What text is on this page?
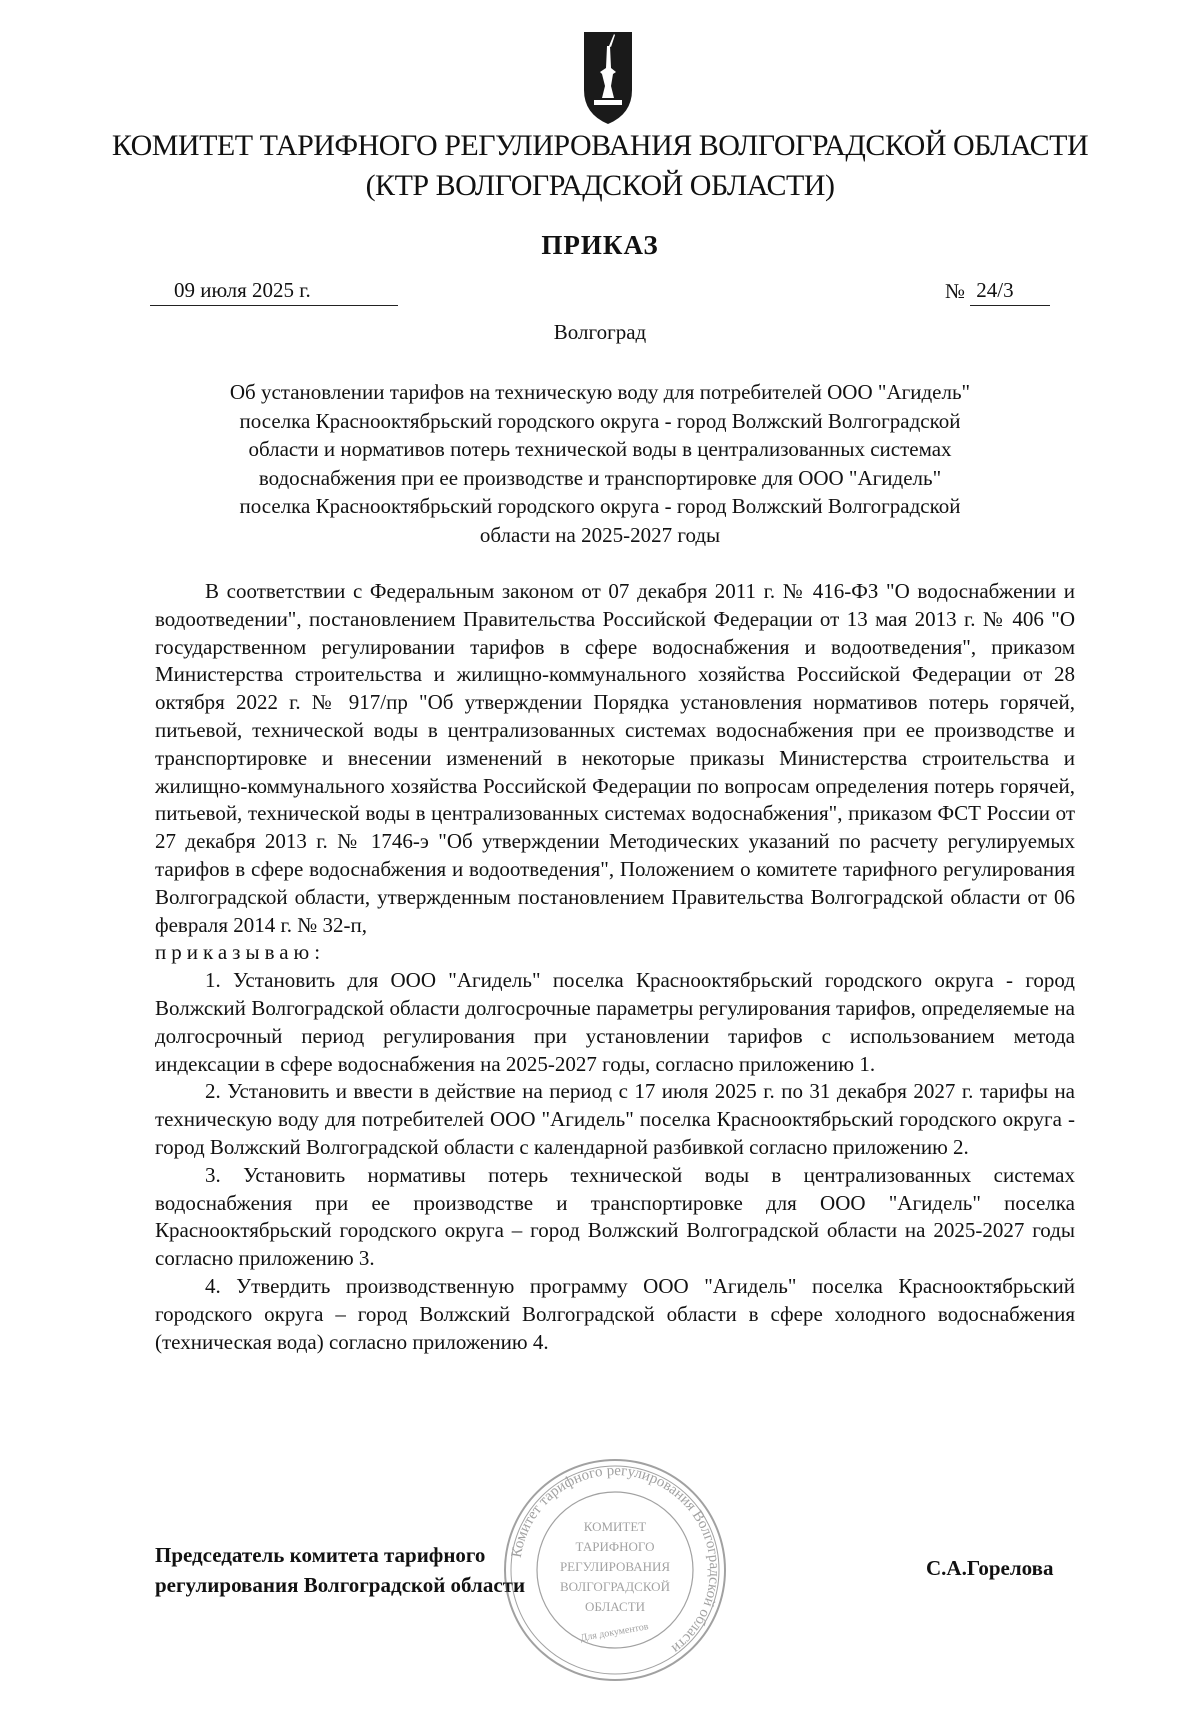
КОМИТЕТ ТАРИФНОГО РЕГУЛИРОВАНИЯ ВОЛГОГРАДСКОЙ ОБЛАСТИ
(КТР ВОЛГОГРАДСКОЙ ОБЛАСТИ)
ПРИКАЗ
09 июля 2025 г.	№ 24/3
Волгоград
Об установлении тарифов на техническую воду для потребителей ООО "Агидель"
поселка Краснооктябрьский городского округа - город Волжский Волгоградской
области и нормативов потерь технической воды в централизованных системах
водоснабжения при ее производстве и транспортировке для ООО "Агидель"
поселка Краснооктябрьский городского округа - город Волжский Волгоградской
области на 2025-2027 годы

В соответствии с Федеральным законом от 07 декабря 2011 г. № 416-ФЗ "О водоснабжении и водоотведении", постановлением Правительства Российской Федерации от 13 мая 2013 г. № 406 "О государственном регулировании тарифов в сфере водоснабжения и водоотведения", приказом Министерства строительства и жилищно-коммунального хозяйства Российской Федерации от 28 октября 2022 г. № 917/пр "Об утверждении Порядка установления нормативов потерь горячей, питьевой, технической воды в централизованных системах водоснабжения при ее производстве и транспортировке и внесении изменений в некоторые приказы Министерства строительства и жилищно-коммунального хозяйства Российской Федерации по вопросам определения потерь горячей, питьевой, технической воды в централизованных системах водоснабжения", приказом ФСТ России от 27 декабря 2013 г. № 1746-э "Об утверждении Методических указаний по расчету регулируемых тарифов в сфере водоснабжения и водоотведения", Положением о комитете тарифного регулирования Волгоградской области, утвержденным постановлением Правительства Волгоградской области от 06 февраля 2014 г. № 32-п,

приказываю:

1. Установить для ООО "Агидель" поселка Краснооктябрьский городского округа - город Волжский Волгоградской области долгосрочные параметры регулирования тарифов, определяемые на долгосрочный период регулирования при установлении тарифов с использованием метода индексации в сфере водоснабжения на 2025-2027 годы, согласно приложению 1.

2. Установить и ввести в действие на период с 17 июля 2025 г. по 31 декабря 2027 г. тарифы на техническую воду для потребителей ООО "Агидель" поселка Краснооктябрьский городского округа - город Волжский Волгоградской области с календарной разбивкой согласно приложению 2.

3. Установить нормативы потерь технической воды в централизованных системах водоснабжения при ее производстве и транспортировке для ООО "Агидель" поселка Краснооктябрьский городского округа – город Волжский Волгоградской области на 2025-2027 годы согласно приложению 3.

4. Утвердить производственную программу ООО "Агидель" поселка Краснооктябрьский городского округа – город Волжский Волгоградской области в сфере холодного водоснабжения (техническая вода) согласно приложению 4.

Председатель комитета тарифного
регулирования Волгоградской области
С.А.Горелова
Комитет тарифного регулирования Волгоградской области
КОМИТЕТ
ТАРИФНОГО
РЕГУЛИРОВАНИЯ
ВОЛГОГРАДСКОЙ
ОБЛАСТИ
Для документов
